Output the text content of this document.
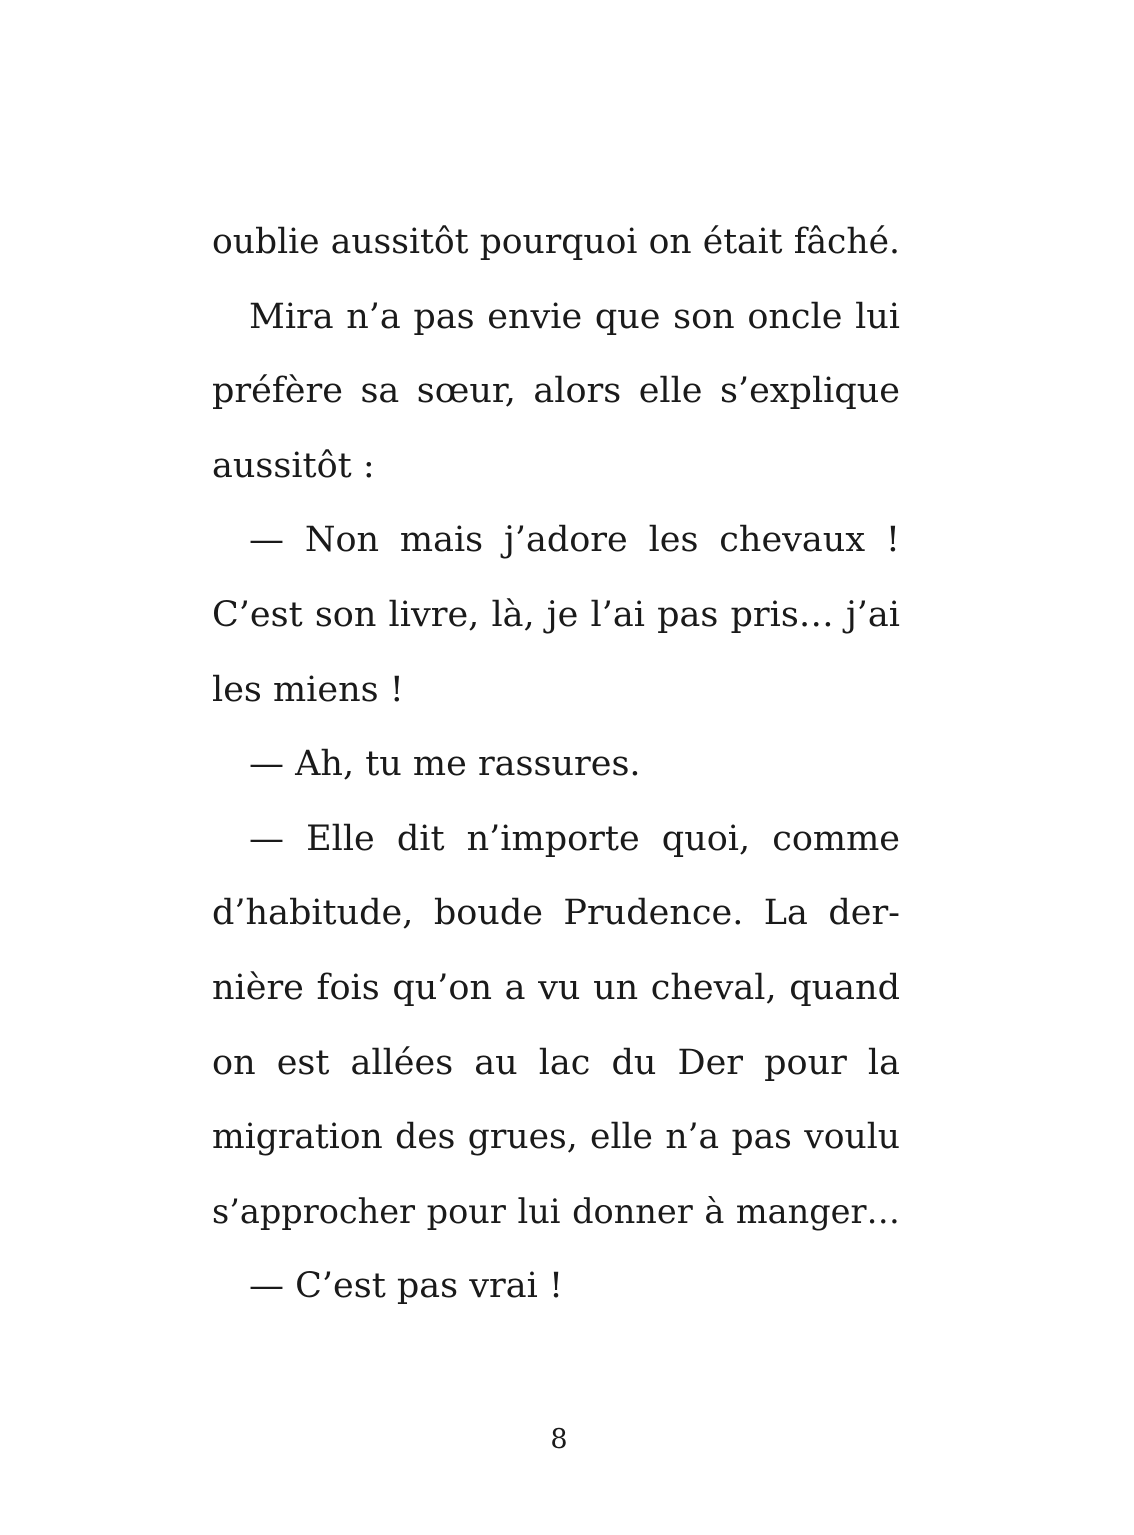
oublie aussitôt pourquoi on était fâché.
Mira n’a pas envie que son oncle lui
préfère sa sœur, alors elle s’explique
aussitôt :
— Non mais j’adore les chevaux !
C’est son livre, là, je l’ai pas pris… j’ai
les miens !
— Ah, tu me rassures.
— Elle dit n’importe quoi, comme
d’habitude, boude Prudence. La der-
nière fois qu’on a vu un cheval, quand
on est allées au lac du Der pour la
migration des grues, elle n’a pas voulu
s’approcher pour lui donner à manger…
— C’est pas vrai !
8
